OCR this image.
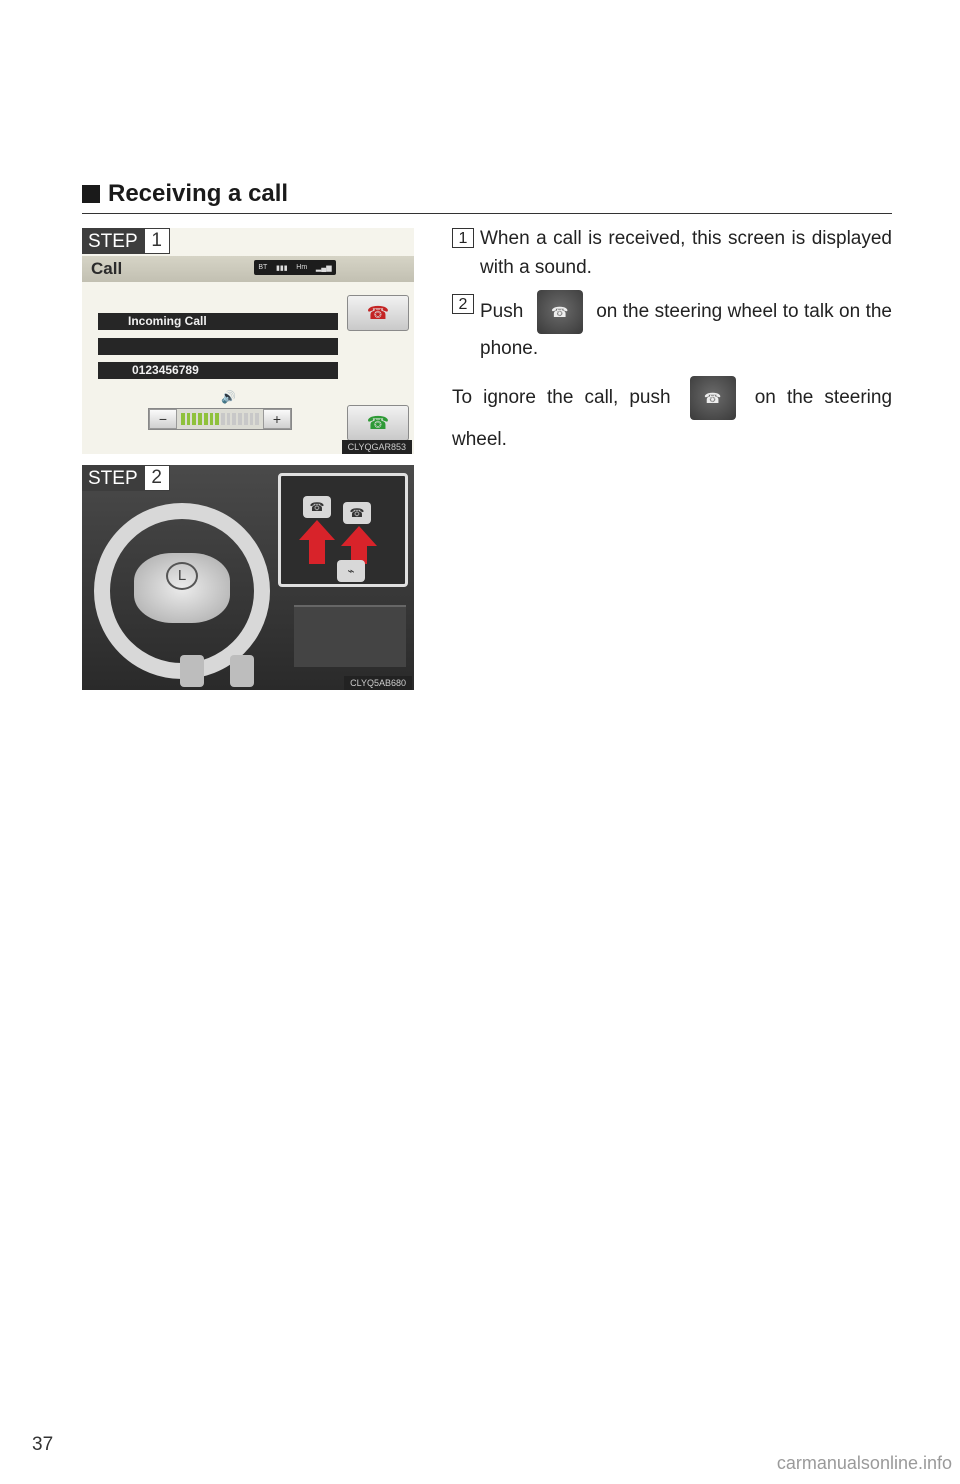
Receiving a call
STEP 1
Call	BT ▮▮▮ Hm ▂▄▆
Incoming Call
0123456789
☎
☎
🔊
−	+
CLYQGAR853
L
☎	☎
⌁
STEP 2
CLYQ5AB680
1 When a call is received, this screen is displayed with a sound.
2 Push ☎ on the steering wheel to talk on the phone.
To ignore the call, push ☎ on the steering wheel.
37
carmanualsonline.info
